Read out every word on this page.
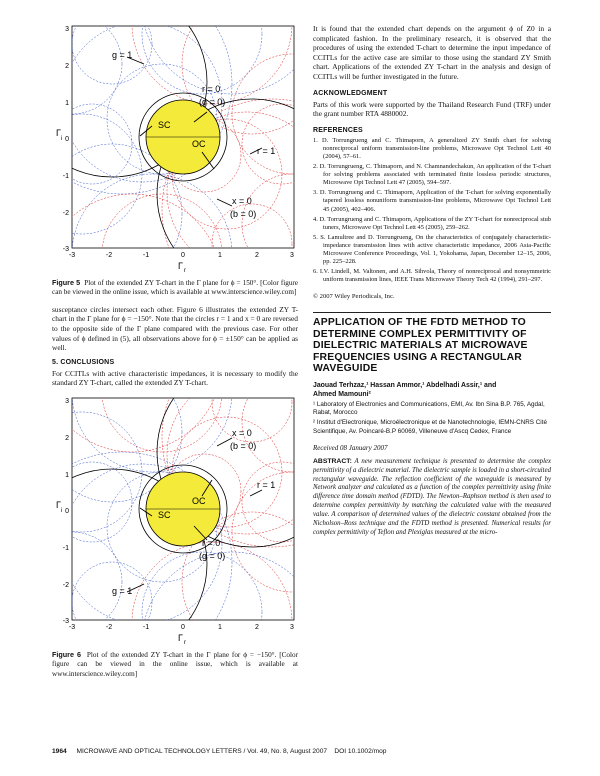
g = 1
r = 0
(g = 0)
SC
OC
r = 1
x = 0
(b = 0)
3
2
1
0
-1
-2
-3
-3	-2	-1	0	1	2	3
Γ
i
Γ r

Figure 5 Plot of the extended ZY T-chart in the Γ plane for ϕ = 150°. [Color figure can be viewed in the online issue, which is available at www.interscience.wiley.com]

susceptance circles intersect each other. Figure 6 illustrates the extended ZY T-chart in the Γ plane for ϕ = −150°. Note that the circles r = 1 and x = 0 are reversed to the opposite side of the Γ plane compared with the previous case. For other values of ϕ defined in (5), all observations above for ϕ = ±150° can be applied as well.

5. CONCLUSIONS

For CCITLs with active characteristic impedances, it is necessary to modify the standard ZY T-chart, called the extended ZY T-chart.

x = 0
(b = 0)
r = 1
SC
OC
r = 0
(g = 0)
g = 1
3
2
1
0
-1
-2
-3
-3	-2	-1	0	1	2	3
Γ
i
Γ r

Figure 6 Plot of the extended ZY T-chart in the Γ plane for ϕ = −150°. [Color figure can be viewed in the online issue, which is available at www.interscience.wiley.com]

It is found that the extended chart depends on the argument ϕ of Z0 in a complicated fashion. In the preliminary research, it is observed that the procedures of using the extended T-chart to determine the input impedance of CCITLs for the active case are similar to those using the standard ZY Smith chart. Applications of the extended ZY T-chart in the analysis and design of CCITLs will be further investigated in the future.

ACKNOWLEDGMENT

Parts of this work were supported by the Thailand Research Fund (TRF) under the grant number RTA 4880002.

REFERENCES
1. D. Torrungrueng and C. Thimaporn, A generalized ZY Smith chart for solving nonreciprocal uniform transmission-line problems, Microwave Opt Technol Lett 40 (2004), 57–61.
2. D. Torrungrueng, C. Thimaporn, and N. Chamnandechakun, An application of the T-chart for solving problems associated with terminated finite lossless periodic structures, Microwave Opt Technol Lett 47 (2005), 594–597.
3. D. Torrungrueng and C. Thimaporn, Application of the T-chart for solving exponentially tapered lossless nonuniform transmission-line problems, Microwave Opt Technol Lett 45 (2005), 402–406.
4. D. Torrungrueng and C. Thimaporn, Applications of the ZY T-chart for nonreciprocal stub tuners, Microwave Opt Technol Lett 45 (2005), 259–262.
5. S. Lamultree and D. Torrungrueng, On the characteristics of conjugately characteristic-impedance transmission lines with active characteristic impedance, 2006 Asia-Pacific Microwave Conference Proceedings, Vol. 1, Yokohama, Japan, December 12–15, 2006, pp. 225–228.
6. I.V. Lindell, M. Valtonen, and A.H. Sihvola, Theory of nonreciprocal and nonsymmetric uniform transmission lines, IEEE Trans Microwave Theory Tech 42 (1994), 291–297.

© 2007 Wiley Periodicals, Inc.

APPLICATION OF THE FDTD METHOD TO DETERMINE COMPLEX PERMITTIVITY OF DIELECTRIC MATERIALS AT MICROWAVE FREQUENCIES USING A RECTANGULAR WAVEGUIDE

Jaouad Terhzaz,¹ Hassan Ammor,¹ Abdelhadi Assir,¹ and

Ahmed Mamouni²

¹ Laboratory of Electronics and Communications, EMI, Av. Ibn Sina B.P. 765, Agdal, Rabat, Morocco

² Institut d'Electronique, Microélectronique et de Nanotechnologie, IEMN-CNRS Cité Scientifique, Av. Poincaré-B.P 60069, Villeneuve d'Ascq Cedex, France

Received 08 January 2007

ABSTRACT: A new measurement technique is presented to determine the complex permittivity of a dielectric material. The dielectric sample is loaded in a short-circuited rectangular waveguide. The reflection coefficient of the waveguide is measured by Network analyzer and calculated as a function of the complex permittivity using finite difference time domain method (FDTD). The Newton–Raphson method is then used to determine complex permittivity by matching the calculated value with the measured value. A comparison of determined values of the dielectric constant obtained from the Nicholson–Ross technique and the FDTD method is presented. Numerical results for complex permittivity of Teflon and Plexiglas measured at the micro-

1964 MICROWAVE AND OPTICAL TECHNOLOGY LETTERS / Vol. 49, No. 8, August 2007 DOI 10.1002/mop
